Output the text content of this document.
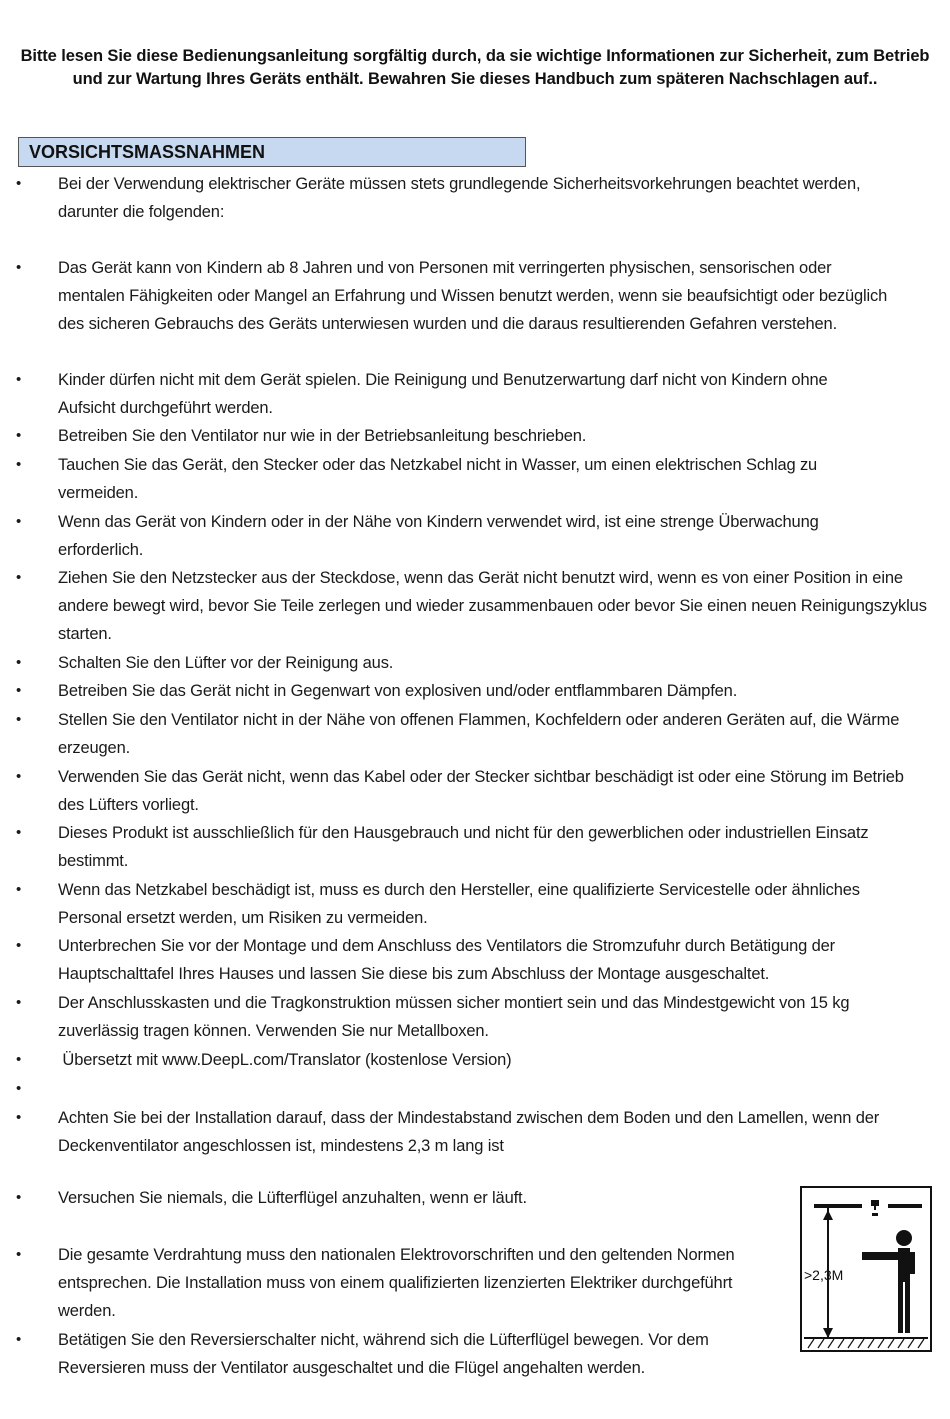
Bitte lesen Sie diese Bedienungsanleitung sorgfältig durch, da sie wichtige Informationen zur Sicherheit, zum Betrieb und zur Wartung Ihres Geräts enthält. Bewahren Sie dieses Handbuch zum späteren Nachschlagen auf..
VORSICHTSMASSNAHMEN
•	Bei der Verwendung elektrischer Geräte müssen stets grundlegende Sicherheitsvorkehrungen beachtet werden, darunter die folgenden:
•	Das Gerät kann von Kindern ab 8 Jahren und von Personen mit verringerten physischen, sensorischen oder mentalen Fähigkeiten oder Mangel an Erfahrung und Wissen benutzt werden, wenn sie beaufsichtigt oder bezüglich des sicheren Gebrauchs des Geräts unterwiesen wurden und die daraus resultierenden Gefahren verstehen.
•	Kinder dürfen nicht mit dem Gerät spielen. Die Reinigung und Benutzerwartung darf nicht von Kindern ohne Aufsicht durchgeführt werden.
•	Betreiben Sie den Ventilator nur wie in der Betriebsanleitung beschrieben.
•	Tauchen Sie das Gerät, den Stecker oder das Netzkabel nicht in Wasser, um einen elektrischen Schlag zu vermeiden.
•	Wenn das Gerät von Kindern oder in der Nähe von Kindern verwendet wird, ist eine strenge Überwachung erforderlich.
•	Ziehen Sie den Netzstecker aus der Steckdose, wenn das Gerät nicht benutzt wird, wenn es von einer Position in eine andere bewegt wird, bevor Sie Teile zerlegen und wieder zusammenbauen oder bevor Sie einen neuen Reinigungszyklus starten.
•	Schalten Sie den Lüfter vor der Reinigung aus.
•	Betreiben Sie das Gerät nicht in Gegenwart von explosiven und/oder entflammbaren Dämpfen.
•	Stellen Sie den Ventilator nicht in der Nähe von offenen Flammen, Kochfeldern oder anderen Geräten auf, die Wärme erzeugen.
•	Verwenden Sie das Gerät nicht, wenn das Kabel oder der Stecker sichtbar beschädigt ist oder eine Störung im Betrieb des Lüfters vorliegt.
•	Dieses Produkt ist ausschließlich für den Hausgebrauch und nicht für den gewerblichen oder industriellen Einsatz bestimmt.
•	Wenn das Netzkabel beschädigt ist, muss es durch den Hersteller, eine qualifizierte Servicestelle oder ähnliches Personal ersetzt werden, um Risiken zu vermeiden.
•	Unterbrechen Sie vor der Montage und dem Anschluss des Ventilators die Stromzufuhr durch Betätigung der Hauptschalttafel Ihres Hauses und lassen Sie diese bis zum Abschluss der Montage ausgeschaltet.
•	Der Anschlusskasten und die Tragkonstruktion müssen sicher montiert sein und das Mindestgewicht von 15 kg zuverlässig tragen können. Verwenden Sie nur Metallboxen.
•	Übersetzt mit www.DeepL.com/Translator (kostenlose Version)
•
•	Achten Sie bei der Installation darauf, dass der Mindestabstand zwischen dem Boden und den Lamellen, wenn der Deckenventilator angeschlossen ist, mindestens 2,3 m lang ist
•	Versuchen Sie niemals, die Lüfterflügel anzuhalten, wenn er läuft.
•	Die gesamte Verdrahtung muss den nationalen Elektrovorschriften und den geltenden Normen entsprechen. Die Installation muss von einem qualifizierten lizenzierten Elektriker durchgeführt werden.
•	Betätigen Sie den Reversierschalter nicht, während sich die Lüfterflügel bewegen. Vor dem Reversieren muss der Ventilator ausgeschaltet und die Flügel angehalten werden.
>2,3M
